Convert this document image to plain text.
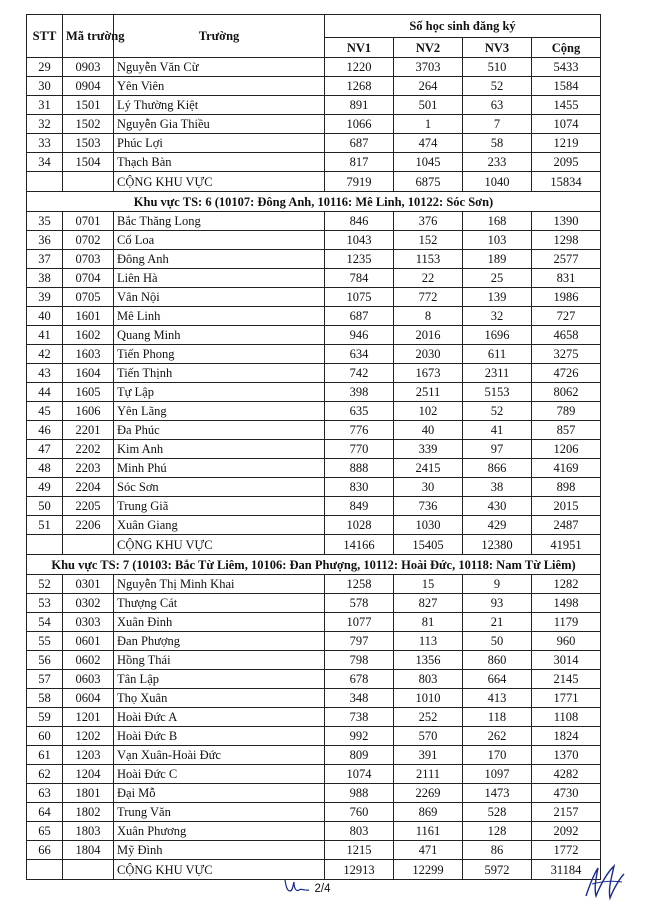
STT	Mã trường	Trường	Số học sinh đăng ký			
			NV1	NV2	NV3	Cộng
29	0903	Nguyễn Văn Cừ	1220	3703	510	5433
30	0904	Yên Viên	1268	264	52	1584
31	1501	Lý Thường Kiệt	891	501	63	1455
32	1502	Nguyễn Gia Thiều	1066	1	7	1074
33	1503	Phúc Lợi	687	474	58	1219
34	1504	Thạch Bàn	817	1045	233	2095
		CỘNG KHU VỰC	7919	6875	1040	15834
Khu vực TS: 6 (10107: Đông Anh, 10116: Mê Linh, 10122: Sóc Sơn)						
35	0701	Bắc Thăng Long	846	376	168	1390
36	0702	Cổ Loa	1043	152	103	1298
37	0703	Đông Anh	1235	1153	189	2577
38	0704	Liên Hà	784	22	25	831
39	0705	Vân Nội	1075	772	139	1986
40	1601	Mê Linh	687	8	32	727
41	1602	Quang Minh	946	2016	1696	4658
42	1603	Tiến Phong	634	2030	611	3275
43	1604	Tiến Thịnh	742	1673	2311	4726
44	1605	Tự Lập	398	2511	5153	8062
45	1606	Yên Lãng	635	102	52	789
46	2201	Đa Phúc	776	40	41	857
47	2202	Kim Anh	770	339	97	1206
48	2203	Minh Phú	888	2415	866	4169
49	2204	Sóc Sơn	830	30	38	898
50	2205	Trung Giã	849	736	430	2015
51	2206	Xuân Giang	1028	1030	429	2487
		CỘNG KHU VỰC	14166	15405	12380	41951
Khu vực TS: 7 (10103: Bắc Từ Liêm, 10106: Đan Phượng, 10112: Hoài Đức, 10118: Nam Từ Liêm)						
52	0301	Nguyễn Thị Minh Khai	1258	15	9	1282
53	0302	Thượng Cát	578	827	93	1498
54	0303	Xuân Đỉnh	1077	81	21	1179
55	0601	Đan Phượng	797	113	50	960
56	0602	Hồng Thái	798	1356	860	3014
57	0603	Tân Lập	678	803	664	2145
58	0604	Thọ Xuân	348	1010	413	1771
59	1201	Hoài Đức A	738	252	118	1108
60	1202	Hoài Đức B	992	570	262	1824
61	1203	Vạn Xuân-Hoài Đức	809	391	170	1370
62	1204	Hoài Đức C	1074	2111	1097	4282
63	1801	Đại Mỗ	988	2269	1473	4730
64	1802	Trung Văn	760	869	528	2157
65	1803	Xuân Phương	803	1161	128	2092
66	1804	Mỹ Đình	1215	471	86	1772
		CỘNG KHU VỰC	12913	12299	5972	31184
2/4
